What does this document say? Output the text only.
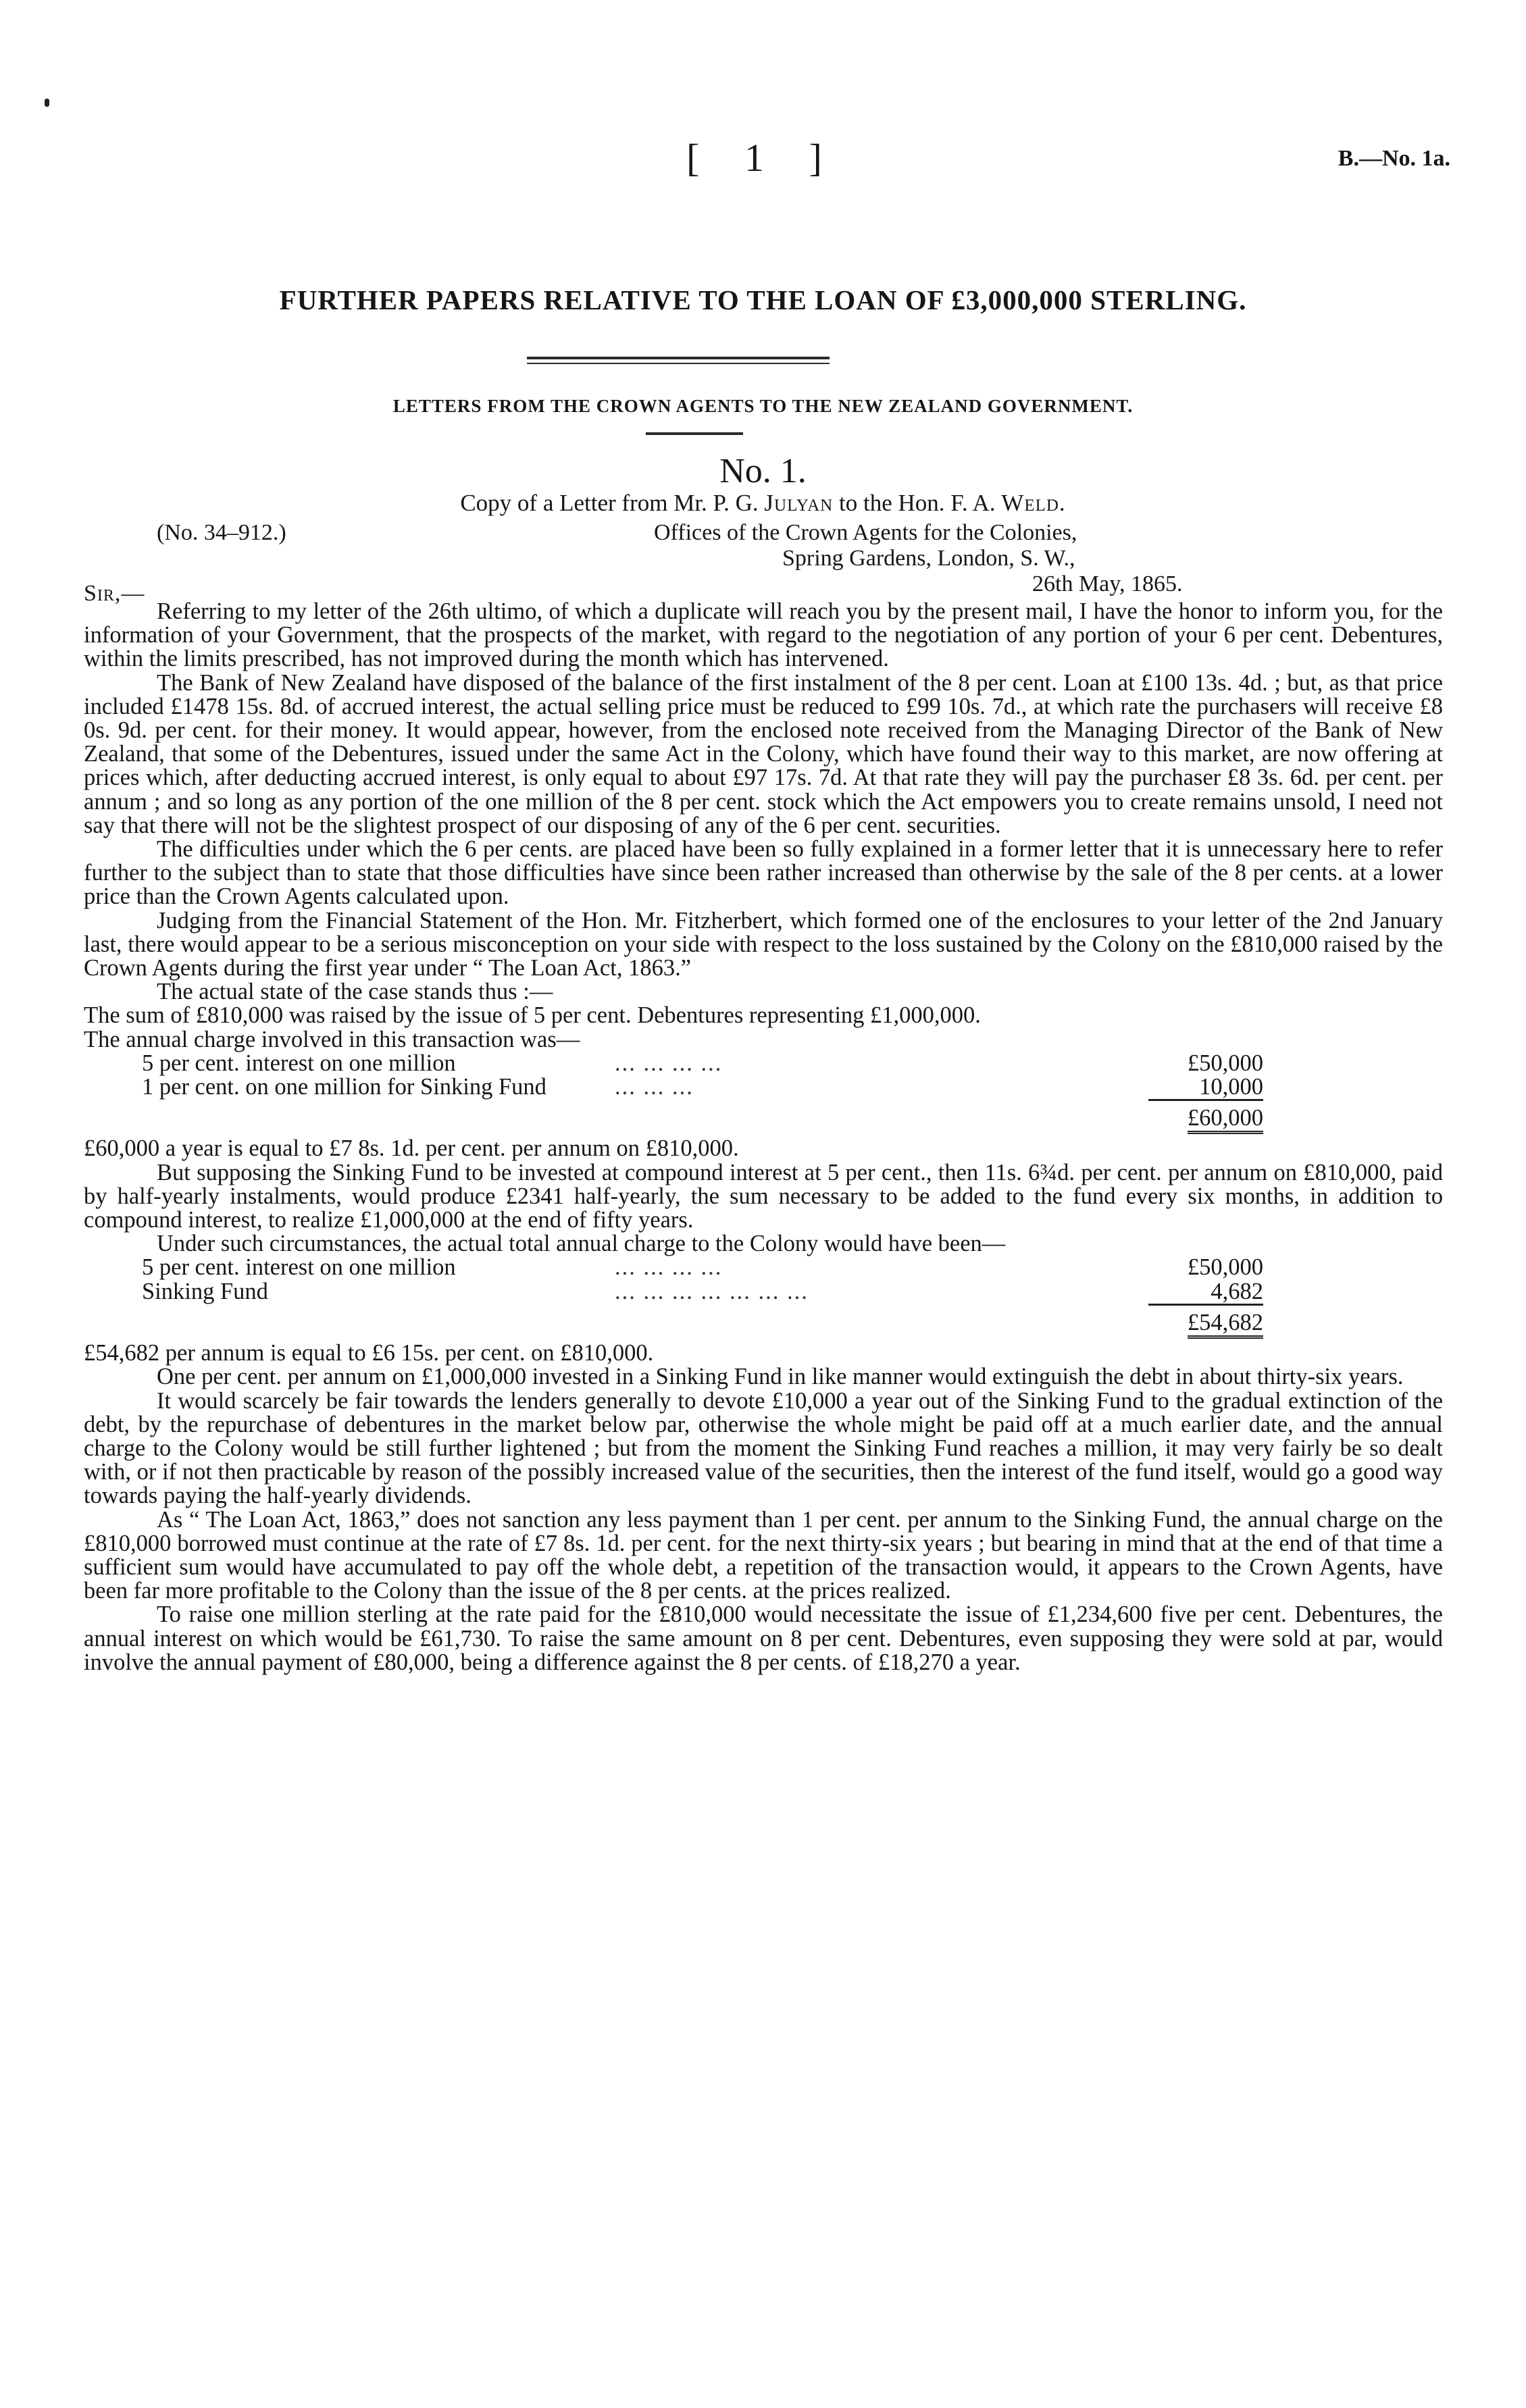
[ 1 ]	B.—No. 1a.
FURTHER PAPERS RELATIVE TO THE LOAN OF £3,000,000 STERLING.
LETTERS FROM THE CROWN AGENTS TO THE NEW ZEALAND GOVERNMENT.
No. 1.
Copy of a Letter from Mr. P. G. Julyan to the Hon. F. A. Weld.
(No. 34–912.)	Offices of the Crown Agents for the Colonies,
Spring Gardens, London, S. W.,
26th May, 1865.
Sir,—

Referring to my letter of the 26th ultimo, of which a duplicate will reach you by the present mail, I have the honor to inform you, for the information of your Government, that the prospects of the market, with regard to the negotiation of any portion of your 6 per cent. Debentures, within the limits prescribed, has not improved during the month which has intervened.

The Bank of New Zealand have disposed of the balance of the first instalment of the 8 per cent. Loan at £100 13s. 4d. ; but, as that price included £1478 15s. 8d. of accrued interest, the actual selling price must be reduced to £99 10s. 7d., at which rate the purchasers will receive £8 0s. 9d. per cent. for their money. It would appear, however, from the enclosed note received from the Managing Director of the Bank of New Zealand, that some of the Debentures, issued under the same Act in the Colony, which have found their way to this market, are now offering at prices which, after deducting accrued interest, is only equal to about £97 17s. 7d. At that rate they will pay the purchaser £8 3s. 6d. per cent. per annum ; and so long as any portion of the one million of the 8 per cent. stock which the Act empowers you to create remains unsold, I need not say that there will not be the slightest prospect of our disposing of any of the 6 per cent. securities.

The difficulties under which the 6 per cents. are placed have been so fully explained in a former letter that it is unnecessary here to refer further to the subject than to state that those difficulties have since been rather increased than otherwise by the sale of the 8 per cents. at a lower price than the Crown Agents calculated upon.

Judging from the Financial Statement of the Hon. Mr. Fitzherbert, which formed one of the enclosures to your letter of the 2nd January last, there would appear to be a serious misconception on your side with respect to the loss sustained by the Colony on the £810,000 raised by the Crown Agents during the first year under “ The Loan Act, 1863.”

The actual state of the case stands thus :—

The sum of £810,000 was raised by the issue of 5 per cent. Debentures representing £1,000,000.

The annual charge involved in this transaction was—

5 per cent. interest on one million	... ... ... ...	£50,000
1 per cent. on one million for Sinking Fund	... ... ...	10,000
		£60,000

£60,000 a year is equal to £7 8s. 1d. per cent. per annum on £810,000.

But supposing the Sinking Fund to be invested at compound interest at 5 per cent., then 11s. 6¾d. per cent. per annum on £810,000, paid by half-yearly instalments, would produce £2341 half-yearly, the sum necessary to be added to the fund every six months, in addition to compound interest, to realize £1,000,000 at the end of fifty years.

Under such circumstances, the actual total annual charge to the Colony would have been—

5 per cent. interest on one million	... ... ... ...	£50,000
Sinking Fund	... ... ... ... ... ... ...	4,682
		£54,682

£54,682 per annum is equal to £6 15s. per cent. on £810,000.

One per cent. per annum on £1,000,000 invested in a Sinking Fund in like manner would extinguish the debt in about thirty-six years.

It would scarcely be fair towards the lenders generally to devote £10,000 a year out of the Sinking Fund to the gradual extinction of the debt, by the repurchase of debentures in the market below par, otherwise the whole might be paid off at a much earlier date, and the annual charge to the Colony would be still further lightened ; but from the moment the Sinking Fund reaches a million, it may very fairly be so dealt with, or if not then practicable by reason of the possibly increased value of the securities, then the interest of the fund itself, would go a good way towards paying the half-yearly dividends.

As “ The Loan Act, 1863,” does not sanction any less payment than 1 per cent. per annum to the Sinking Fund, the annual charge on the £810,000 borrowed must continue at the rate of £7 8s. 1d. per cent. for the next thirty-six years ; but bearing in mind that at the end of that time a sufficient sum would have accumulated to pay off the whole debt, a repetition of the transaction would, it appears to the Crown Agents, have been far more profitable to the Colony than the issue of the 8 per cents. at the prices realized.

To raise one million sterling at the rate paid for the £810,000 would necessitate the issue of £1,234,600 five per cent. Debentures, the annual interest on which would be £61,730. To raise the same amount on 8 per cent. Debentures, even supposing they were sold at par, would involve the annual payment of £80,000, being a difference against the 8 per cents. of £18,270 a year.
